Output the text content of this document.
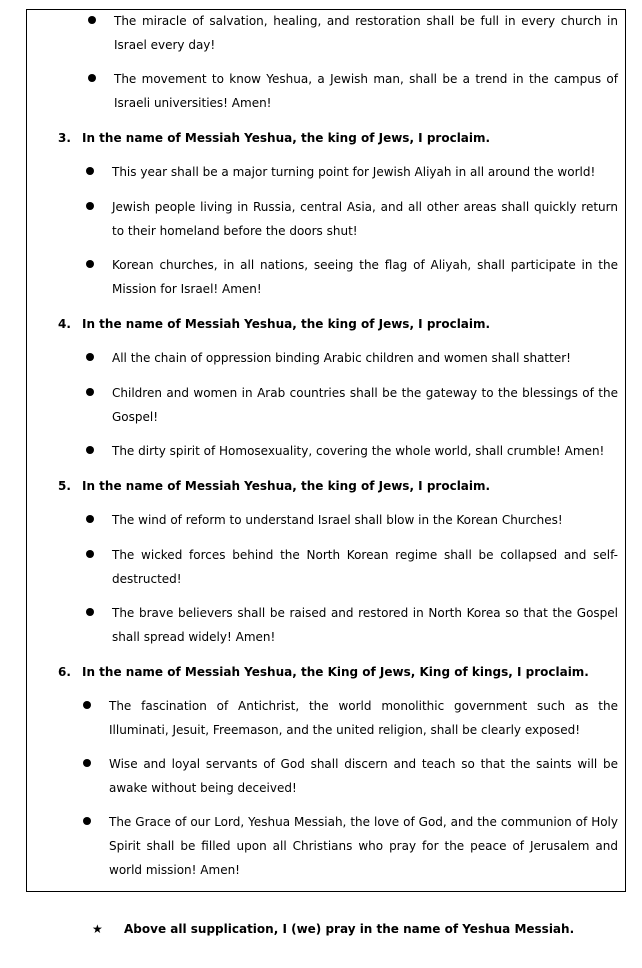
The miracle of salvation, healing, and restoration shall be full in every church in Israel every day!
The movement to know Yeshua, a Jewish man, shall be a trend in the campus of Israeli universities! Amen!
3. In the name of Messiah Yeshua, the king of Jews, I proclaim.
This year shall be a major turning point for Jewish Aliyah in all around the world!
Jewish people living in Russia, central Asia, and all other areas shall quickly return to their homeland before the doors shut!
Korean churches, in all nations, seeing the flag of Aliyah, shall participate in the Mission for Israel! Amen!
4. In the name of Messiah Yeshua, the king of Jews, I proclaim.
All the chain of oppression binding Arabic children and women shall shatter!
Children and women in Arab countries shall be the gateway to the blessings of the Gospel!
The dirty spirit of Homosexuality, covering the whole world, shall crumble! Amen!
5. In the name of Messiah Yeshua, the king of Jews, I proclaim.
The wind of reform to understand Israel shall blow in the Korean Churches!
The wicked forces behind the North Korean regime shall be collapsed and self-destructed!
The brave believers shall be raised and restored in North Korea so that the Gospel shall spread widely! Amen!
6. In the name of Messiah Yeshua, the King of Jews, King of kings, I proclaim.
The fascination of Antichrist, the world monolithic government such as the Illuminati, Jesuit, Freemason, and the united religion, shall be clearly exposed!
Wise and loyal servants of God shall discern and teach so that the saints will be awake without being deceived!
The Grace of our Lord, Yeshua Messiah, the love of God, and the communion of Holy Spirit shall be filled upon all Christians who pray for the peace of Jerusalem and world mission! Amen!
★ Above all supplication, I (we) pray in the name of Yeshua Messiah.
